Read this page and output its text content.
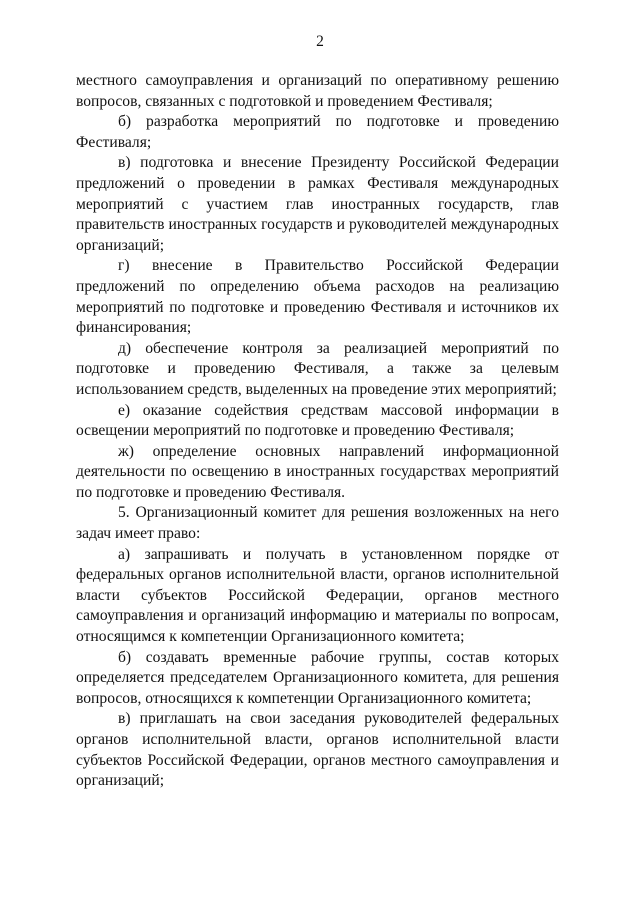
2

местного самоуправления и организаций по оперативному решению вопросов, связанных с подготовкой и проведением Фестиваля;

б) разработка мероприятий по подготовке и проведению Фестиваля;

в) подготовка и внесение Президенту Российской Федерации предложений о проведении в рамках Фестиваля международных мероприятий с участием глав иностранных государств, глав правительств иностранных государств и руководителей международных организаций;

г) внесение в Правительство Российской Федерации предложений по определению объема расходов на реализацию мероприятий по подготовке и проведению Фестиваля и источников их финансирования;

д) обеспечение контроля за реализацией мероприятий по подготовке и проведению Фестиваля, а также за целевым использованием средств, выделенных на проведение этих мероприятий;

е) оказание содействия средствам массовой информации в освещении мероприятий по подготовке и проведению Фестиваля;

ж) определение основных направлений информационной деятельности по освещению в иностранных государствах мероприятий по подготовке и проведению Фестиваля.

5. Организационный комитет для решения возложенных на него задач имеет право:

а) запрашивать и получать в установленном порядке от федеральных органов исполнительной власти, органов исполнительной власти субъектов Российской Федерации, органов местного самоуправления и организаций информацию и материалы по вопросам, относящимся к компетенции Организационного комитета;

б) создавать временные рабочие группы, состав которых определяется председателем Организационного комитета, для решения вопросов, относящихся к компетенции Организационного комитета;

в) приглашать на свои заседания руководителей федеральных органов исполнительной власти, органов исполнительной власти субъектов Российской Федерации, органов местного самоуправления и организаций;
